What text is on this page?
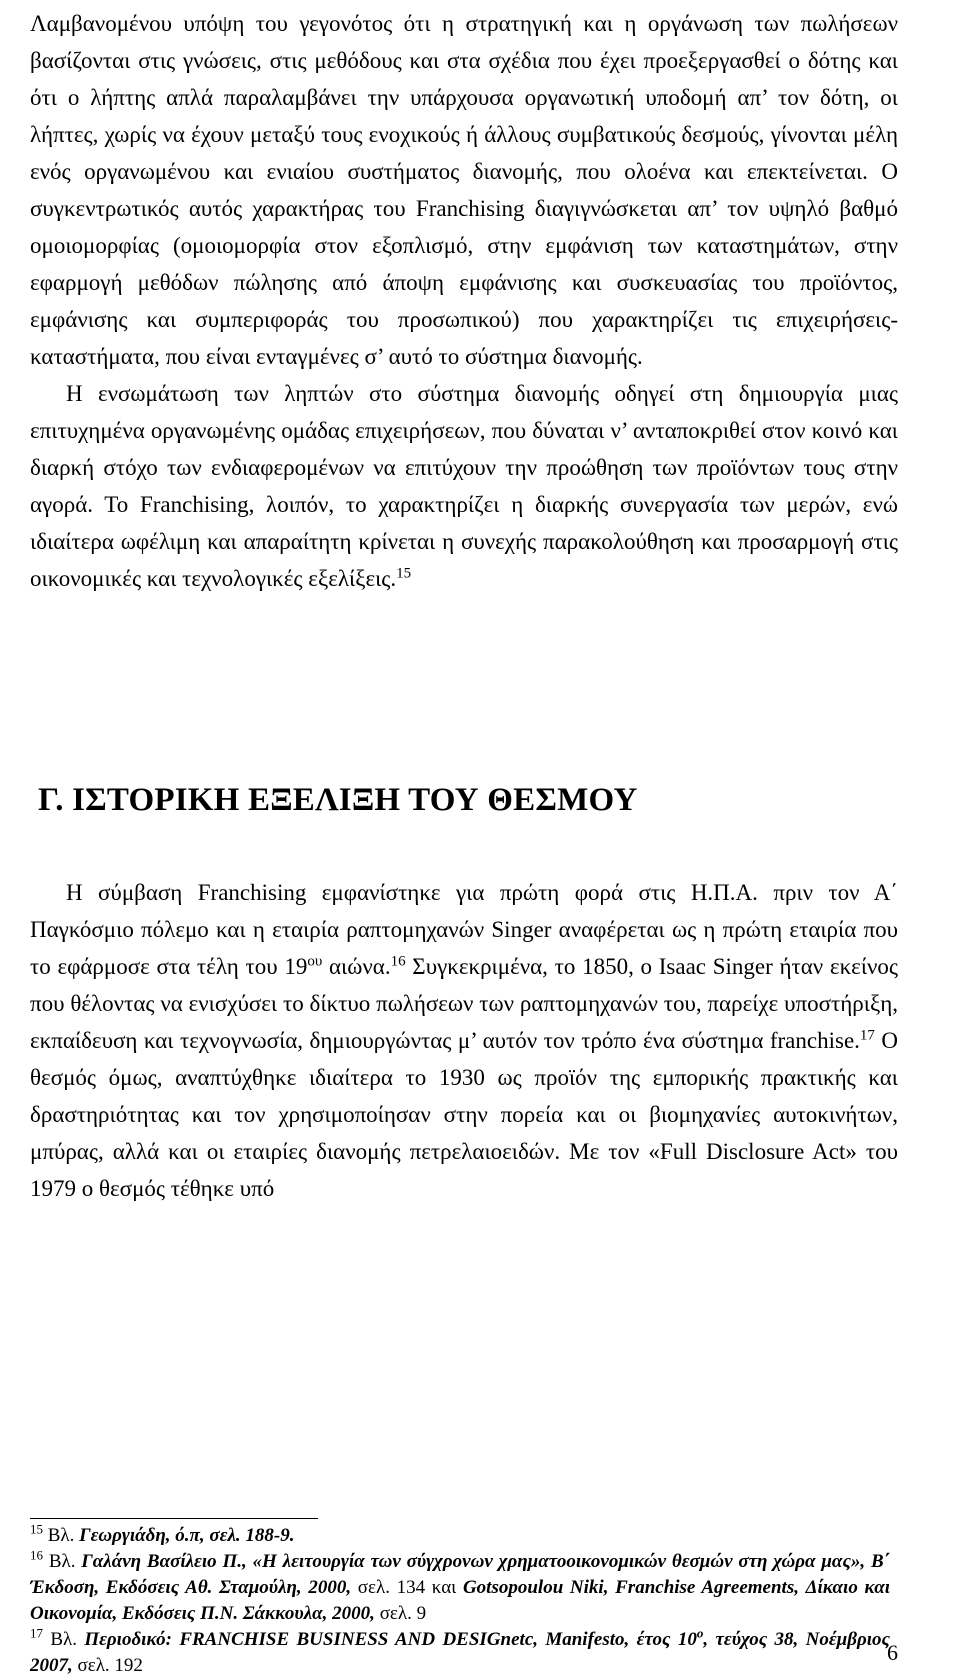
Λαμβανομένου υπόψη του γεγονότος ότι η στρατηγική και η οργάνωση των πωλήσεων βασίζονται στις γνώσεις, στις μεθόδους και στα σχέδια που έχει προεξεργασθεί ο δότης και ότι ο λήπτης απλά παραλαμβάνει την υπάρχουσα οργανωτική υποδομή απ’ τον δότη, οι λήπτες, χωρίς να έχουν μεταξύ τους ενοχικούς ή άλλους συμβατικούς δεσμούς, γίνονται μέλη ενός οργανωμένου και ενιαίου συστήματος διανομής, που ολοένα και επεκτείνεται. Ο συγκεντρωτικός αυτός χαρακτήρας του Franchising διαγιγνώσκεται απ’ τον υψηλό βαθμό ομοιομορφίας (ομοιομορφία στον εξοπλισμό, στην εμφάνιση των καταστημάτων, στην εφαρμογή μεθόδων πώλησης από άποψη εμφάνισης και συσκευασίας του προϊόντος, εμφάνισης και συμπεριφοράς του προσωπικού) που χαρακτηρίζει τις επιχειρήσεις-καταστήματα, που είναι ενταγμένες σ’ αυτό το σύστημα διανομής.

Η ενσωμάτωση των ληπτών στο σύστημα διανομής οδηγεί στη δημιουργία μιας επιτυχημένα οργανωμένης ομάδας επιχειρήσεων, που δύναται ν’ ανταποκριθεί στον κοινό και διαρκή στόχο των ενδιαφερομένων να επιτύχουν την προώθηση των προϊόντων τους στην αγορά. Το Franchising, λοιπόν, το χαρακτηρίζει η διαρκής συνεργασία των μερών, ενώ ιδιαίτερα ωφέλιμη και απαραίτητη κρίνεται η συνεχής παρακολούθηση και προσαρμογή στις οικονομικές και τεχνολογικές εξελίξεις.$^{15}$

Γ. ΙΣΤΟΡΙΚΗ ΕΞΕΛΙΞΗ ΤΟΥ ΘΕΣΜΟΥ

Η σύμβαση Franchising εμφανίστηκε για πρώτη φορά στις Η.Π.Α. πριν τον Α΄ Παγκόσμιο πόλεμο και η εταιρία ραπτομηχανών Singer αναφέρεται ως η πρώτη εταιρία που το εφάρμοσε στα τέλη του $19^{o\upsilon}$ αιώνα.$^{16}$ Συγκεκριμένα, το 1850, ο Isaac Singer ήταν εκείνος που θέλοντας να ενισχύσει το δίκτυο πωλήσεων των ραπτομηχανών του, παρείχε υποστήριξη, εκπαίδευση και τεχνογνωσία, δημιουργώντας μ’ αυτόν τον τρόπο ένα σύστημα franchise.$^{17}$ Ο θεσμός όμως, αναπτύχθηκε ιδιαίτερα το 1930 ως προϊόν της εμπορικής πρακτικής και δραστηριότητας και τον χρησιμοποίησαν στην πορεία και οι βιομηχανίες αυτοκινήτων, μπύρας, αλλά και οι εταιρίες διανομής πετρελαιοειδών. Με τον «Full Disclosure Act» του 1979 ο θεσμός τέθηκε υπό

$^{15}$ Βλ. Γεωργιάδη, ό.π, σελ. 188-9.

$^{16}$ Βλ. Γαλάνη Βασίλειο Π., «Η λειτουργία των σύγχρονων χρηματοοικονομικών θεσμών στη χώρα μας», Β΄ Έκδοση, Εκδόσεις Αθ. Σταμούλη, 2000, σελ. 134 και Gotsopoulou Niki, Franchise Agreements, Δίκαιο και Οικονομία, Εκδόσεις Π.Ν. Σάκκουλα, 2000, σελ. 9

$^{17}$ Βλ. Περιοδικό: FRANCHISE BUSINESS AND DESIGnetc, Manifesto, έτος $10^o$, τεύχος 38, Νοέμβριος 2007, σελ. 192

6
